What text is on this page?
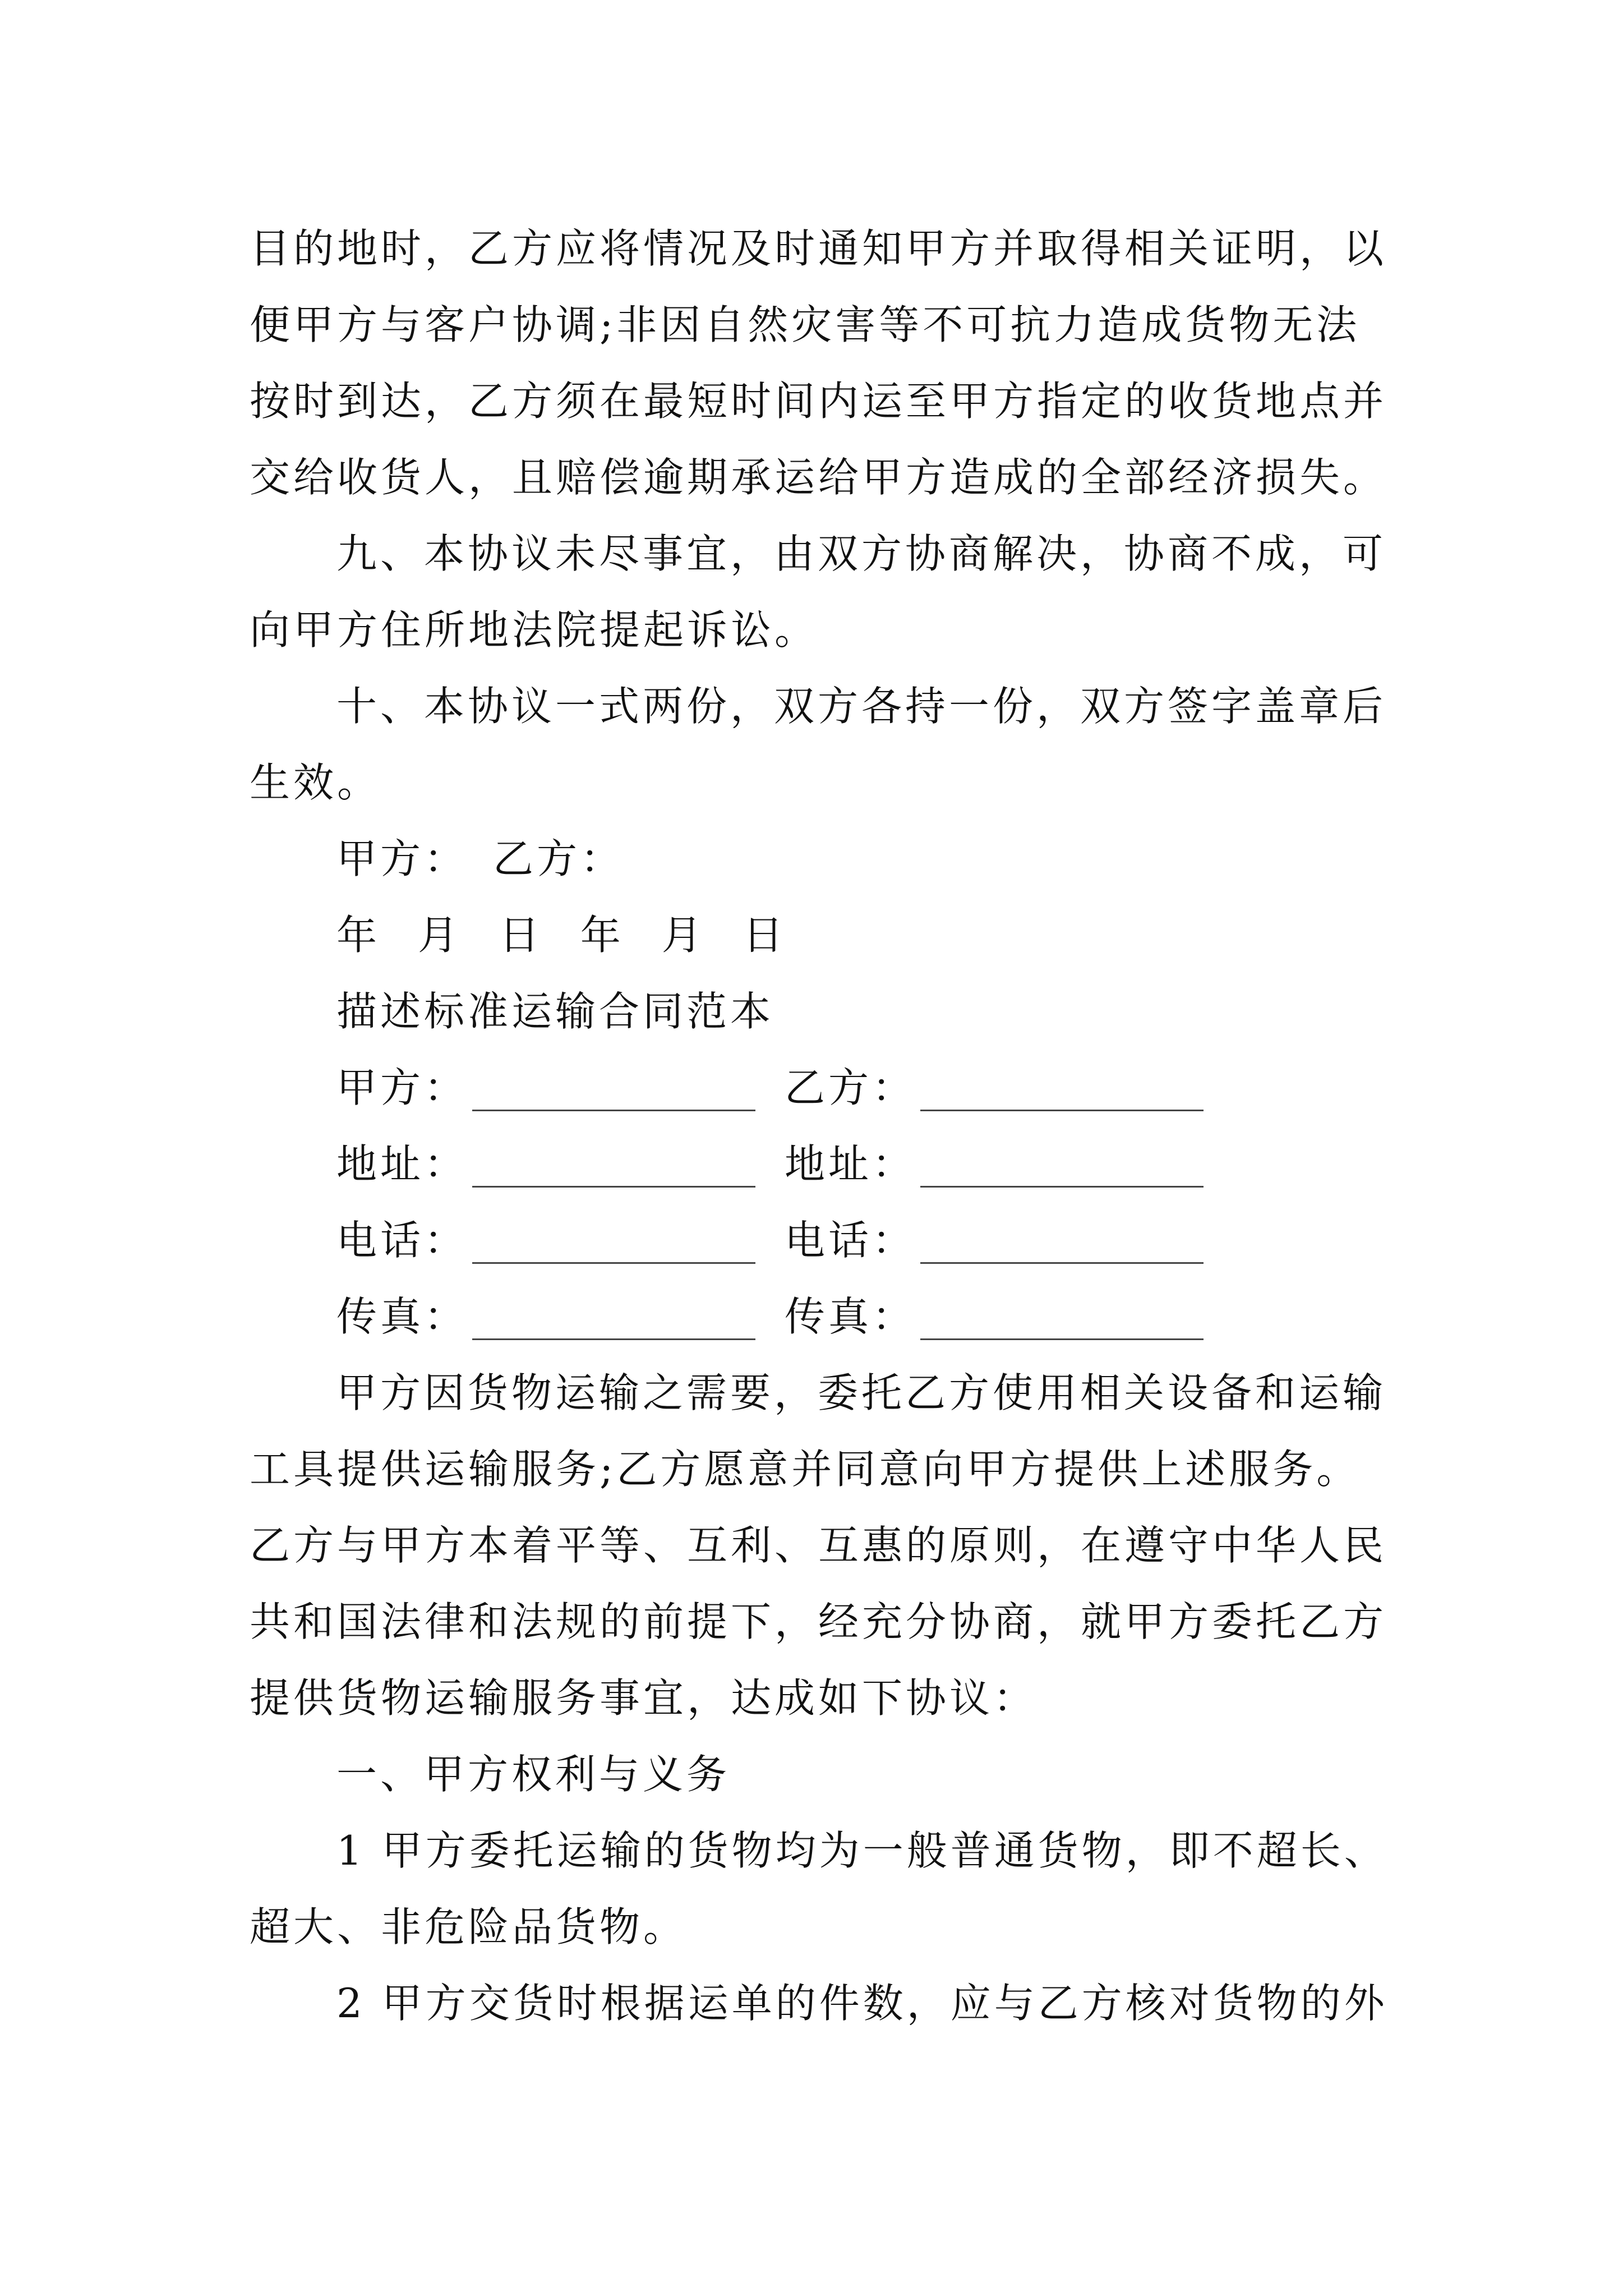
目的地时，乙方应将情况及时通知甲方并取得相关证明，以
便甲方与客户协调;非因自然灾害等不可抗力造成货物无法
按时到达，乙方须在最短时间内运至甲方指定的收货地点并
交给收货人，且赔偿逾期承运给甲方造成的全部经济损失。
九、本协议未尽事宜，由双方协商解决，协商不成，可
向甲方住所地法院提起诉讼。
十、本协议一式两份，双方各持一份，双方签字盖章后
生效。
甲方： 乙方：
年 月 日 年 月 日
描述标准运输合同范本
甲方：	乙方：
地址：	地址：
电话：	电话：
传真：	传真：
甲方因货物运输之需要，委托乙方使用相关设备和运输
工具提供运输服务;乙方愿意并同意向甲方提供上述服务。
乙方与甲方本着平等、互利、互惠的原则，在遵守中华人民
共和国法律和法规的前提下，经充分协商，就甲方委托乙方
提供货物运输服务事宜，达成如下协议：
一、甲方权利与义务
1 甲方委托运输的货物均为一般普通货物，即不超长、
超大、非危险品货物。
2 甲方交货时根据运单的件数，应与乙方核对货物的外
